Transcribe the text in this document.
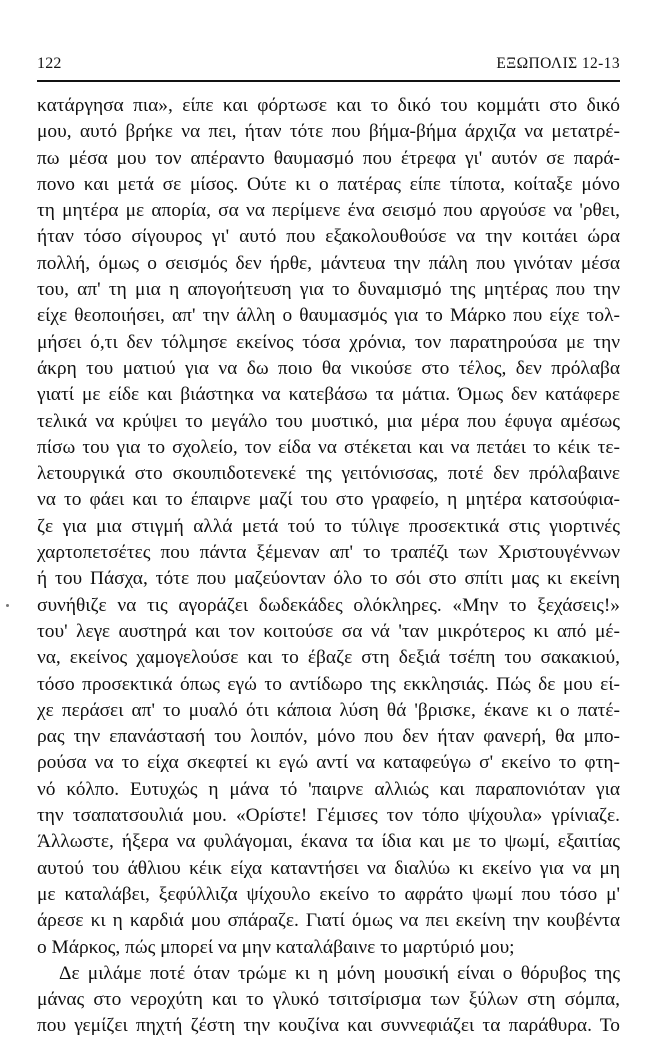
122	ΕΞΩΠΟΛΙΣ 12-13
κατάργησα πια», είπε και φόρτωσε και το δικό του κομμάτι στο δικό
μου, αυτό βρήκε να πει, ήταν τότε που βήμα-βήμα άρχιζα να μετατρέ-
πω μέσα μου τον απέραντο θαυμασμό που έτρεφα γι' αυτόν σε παρά-
πονο και μετά σε μίσος. Ούτε κι ο πατέρας είπε τίποτα, κοίταξε μόνο
τη μητέρα με απορία, σα να περίμενε ένα σεισμό που αργούσε να 'ρθει,
ήταν τόσο σίγουρος γι' αυτό που εξακολουθούσε να την κοιτάει ώρα
πολλή, όμως ο σεισμός δεν ήρθε, μάντευα την πάλη που γινόταν μέσα
του, απ' τη μια η απογοήτευση για το δυναμισμό της μητέρας που την
είχε θεοποιήσει, απ' την άλλη ο θαυμασμός για το Μάρκο που είχε τολ-
μήσει ό,τι δεν τόλμησε εκείνος τόσα χρόνια, τον παρατηρούσα με την
άκρη του ματιού για να δω ποιο θα νικούσε στο τέλος, δεν πρόλαβα
γιατί με είδε και βιάστηκα να κατεβάσω τα μάτια. Όμως δεν κατάφερε
τελικά να κρύψει το μεγάλο του μυστικό, μια μέρα που έφυγα αμέσως
πίσω του για το σχολείο, τον είδα να στέκεται και να πετάει το κέικ τε-
λετουργικά στο σκουπιδοτενεκέ της γειτόνισσας, ποτέ δεν πρόλαβαινε
να το φάει και το έπαιρνε μαζί του στο γραφείο, η μητέρα κατσούφια-
ζε για μια στιγμή αλλά μετά τού το τύλιγε προσεκτικά στις γιορτινές
χαρτοπετσέτες που πάντα ξέμεναν απ' το τραπέζι των Χριστουγέννων
ή του Πάσχα, τότε που μαζεύονταν όλο το σόι στο σπίτι μας κι εκείνη
συνήθιζε να τις αγοράζει δωδεκάδες ολόκληρες. «Μην το ξεχάσεις!»
του' λεγε αυστηρά και τον κοιτούσε σα νά 'ταν μικρότερος κι από μέ-
να, εκείνος χαμογελούσε και το έβαζε στη δεξιά τσέπη του σακακιού,
τόσο προσεκτικά όπως εγώ το αντίδωρο της εκκλησιάς. Πώς δε μου εί-
χε περάσει απ' το μυαλό ότι κάποια λύση θά 'βρισκε, έκανε κι ο πατέ-
ρας την επανάστασή του λοιπόν, μόνο που δεν ήταν φανερή, θα μπο-
ρούσα να το είχα σκεφτεί κι εγώ αντί να καταφεύγω σ' εκείνο το φτη-
νό κόλπο. Ευτυχώς η μάνα τό 'παιρνε αλλιώς και παραπονιόταν για
την τσαπατσουλιά μου. «Ορίστε! Γέμισες τον τόπο ψίχουλα» γρίνιαζε.
Άλλωστε, ήξερα να φυλάγομαι, έκανα τα ίδια και με το ψωμί, εξαιτίας
αυτού του άθλιου κέικ είχα καταντήσει να διαλύω κι εκείνο για να μη
με καταλάβει, ξεφύλλιζα ψίχουλο εκείνο το αφράτο ψωμί που τόσο μ'
άρεσε κι η καρδιά μου σπάραζε. Γιατί όμως να πει εκείνη την κουβέντα
ο Μάρκος, πώς μπορεί να μην καταλάβαινε το μαρτύριό μου;
Δε μιλάμε ποτέ όταν τρώμε κι η μόνη μουσική είναι ο θόρυβος της
μάνας στο νεροχύτη και το γλυκό τσιτσίρισμα των ξύλων στη σόμπα,
που γεμίζει πηχτή ζέστη την κουζίνα και συννεφιάζει τα παράθυρα. Το
